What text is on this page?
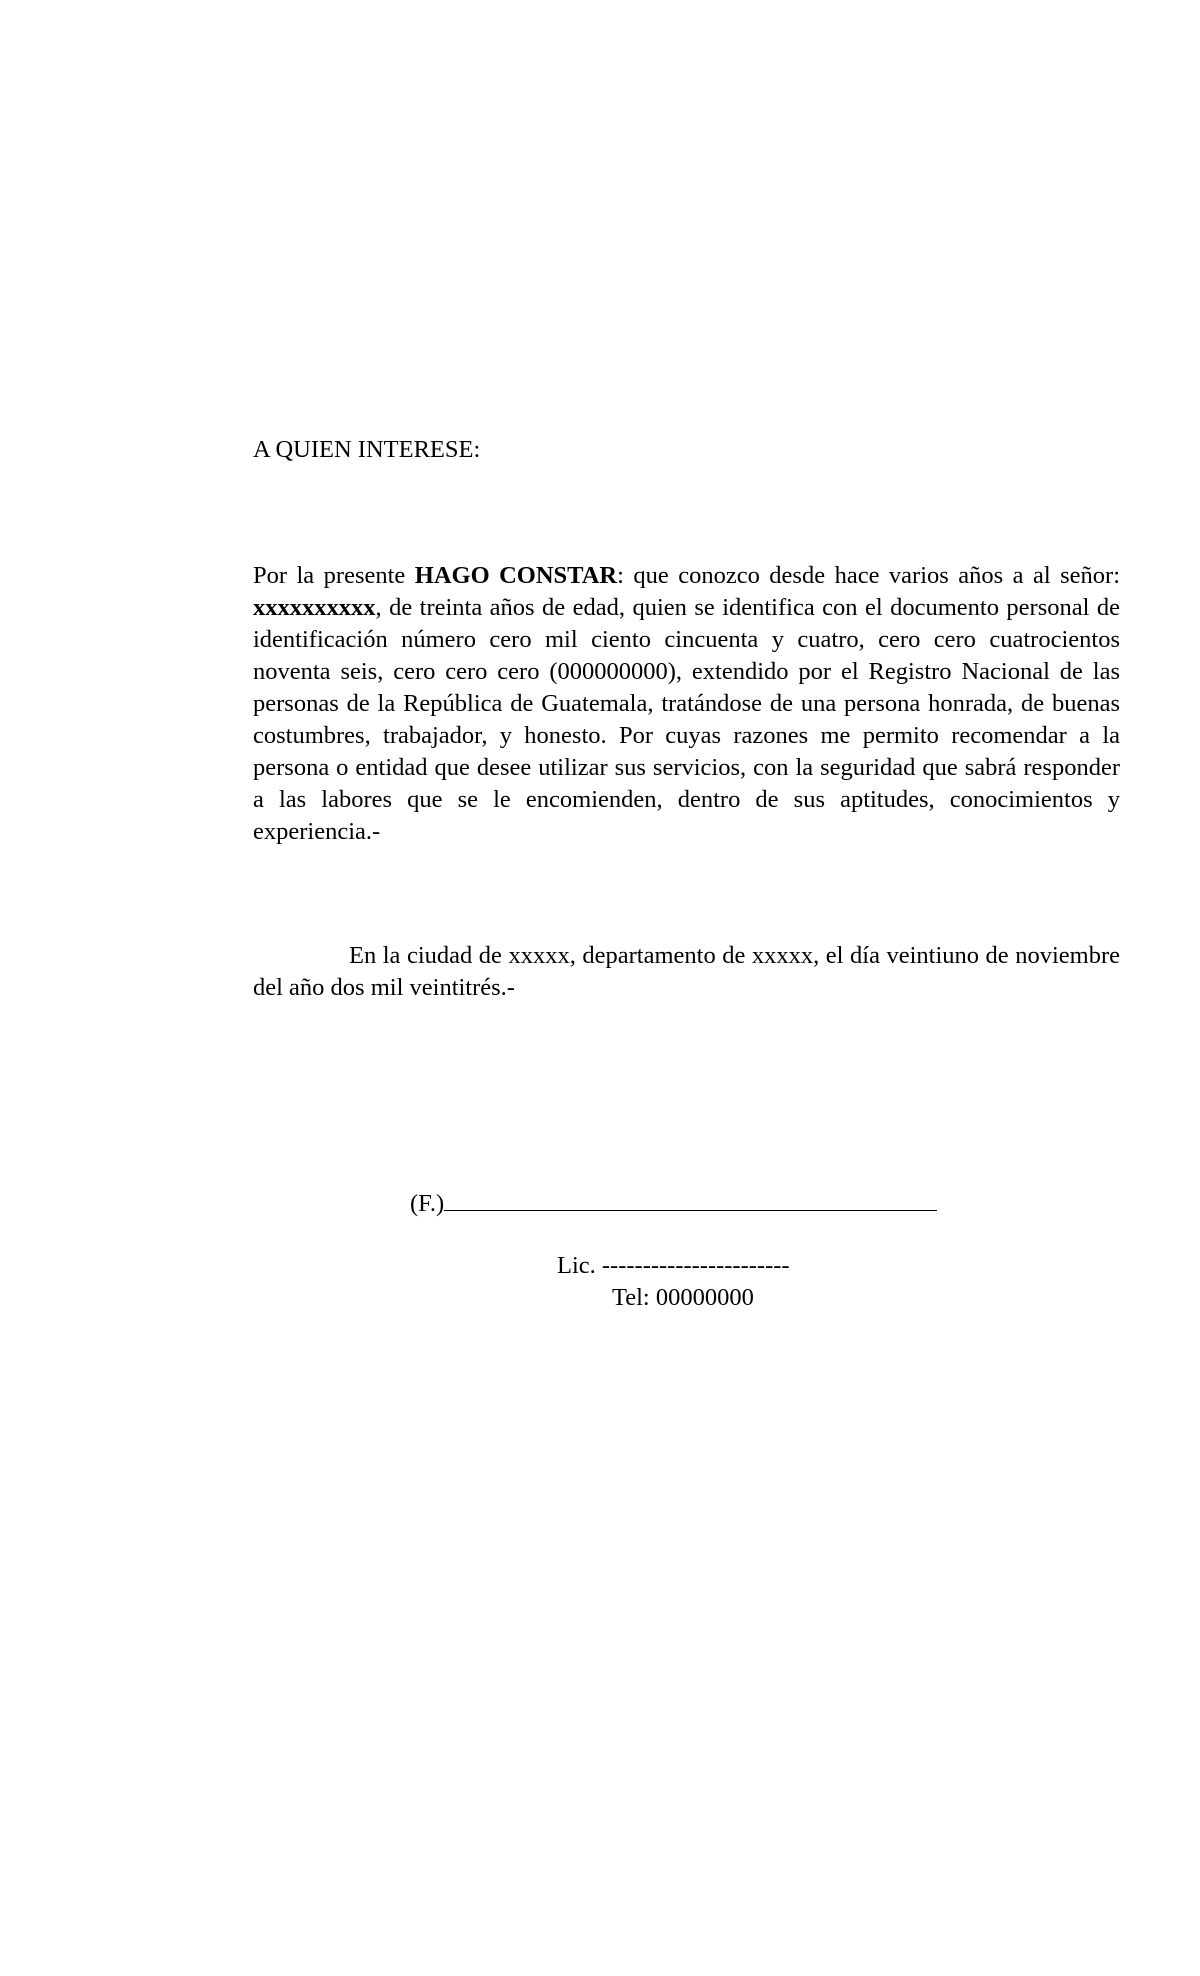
A QUIEN INTERESE:

Por la presente HAGO CONSTAR: que conozco desde hace varios años a al señor: xxxxxxxxxx, de treinta años de edad, quien se identifica con el documento personal de identificación número cero mil ciento cincuenta y cuatro, cero cero cuatrocientos noventa seis, cero cero cero (000000000), extendido por el Registro Nacional de las personas de la República de Guatemala, tratándose de una persona honrada, de buenas costumbres, trabajador, y honesto. Por cuyas razones me permito recomendar a la persona o entidad que desee utilizar sus servicios, con la seguridad que sabrá responder a las labores que se le encomienden, dentro de sus aptitudes, conocimientos y experiencia.-

En la ciudad de xxxxx, departamento de xxxxx, el día veintiuno de noviembre del año dos mil veintitrés.-

(F.)

Lic. -----------------------

Tel: 00000000
